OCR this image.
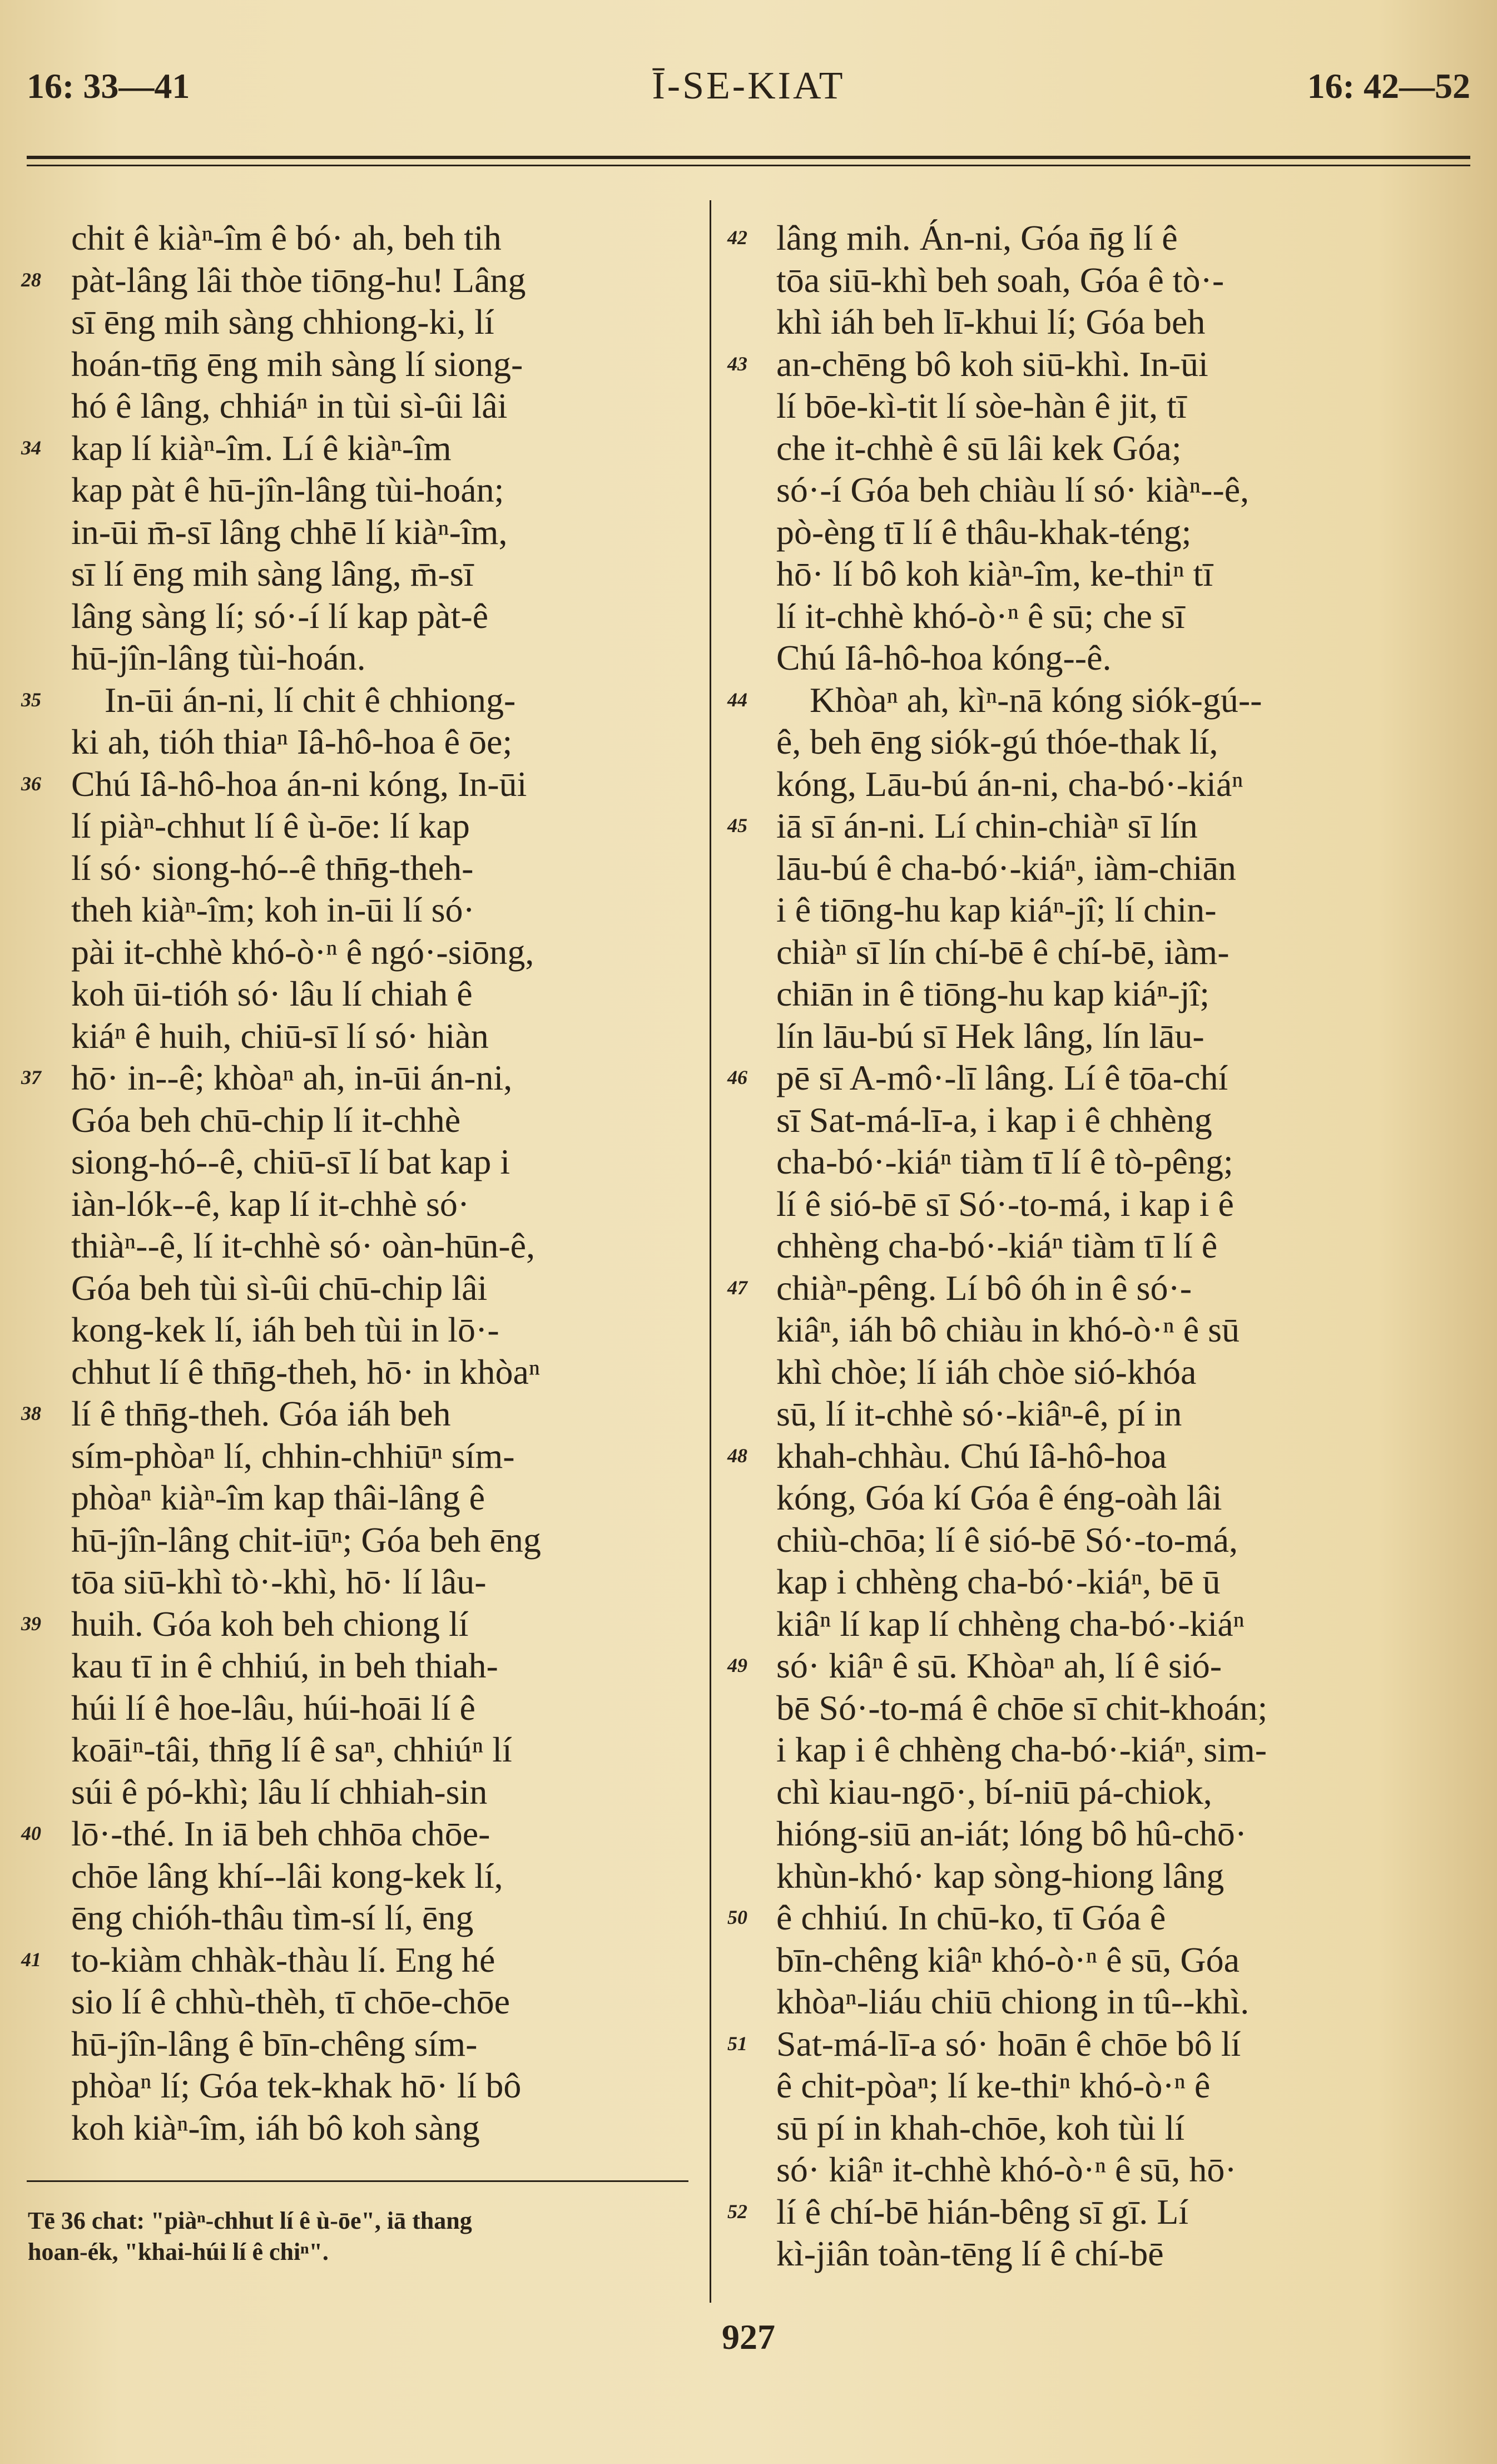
16: 33—41	Ī-SE-KIAT	16: 42—52
chit ê kiàⁿ-îm ê bó· ah, beh tih
28 pàt-lâng lâi thòe tiōng-hu! Lâng
sī ēng mih sàng chhiong-ki, lí
hoán-tn̄g ēng mih sàng lí siong-
hó ê lâng, chhiáⁿ in tùi sì-ûi lâi
34 kap lí kiàⁿ-îm. Lí ê kiàⁿ-îm
kap pàt ê hū-jîn-lâng tùi-hoán;
in-ūi m̄-sī lâng chhē lí kiàⁿ-îm,
sī lí ēng mih sàng lâng, m̄-sī
lâng sàng lí; só·-í lí kap pàt-ê
hū-jîn-lâng tùi-hoán.
35 In-ūi án-ni, lí chit ê chhiong-
ki ah, tióh thiaⁿ Iâ-hô-hoa ê ōe;
36 Chú Iâ-hô-hoa án-ni kóng, In-ūi
lí piàⁿ-chhut lí ê ù-ōe: lí kap
lí só· siong-hó--ê thn̄g-theh-
theh kiàⁿ-îm; koh in-ūi lí só·
pài it-chhè khó-ò·ⁿ ê ngó·-siōng,
koh ūi-tióh só· lâu lí chiah ê
kiáⁿ ê huih, chiū-sī lí só· hiàn
37 hō· in--ê; khòaⁿ ah, in-ūi án-ni,
Góa beh chū-chip lí it-chhè
siong-hó--ê, chiū-sī lí bat kap i
iàn-lók--ê, kap lí it-chhè só·
thiàⁿ--ê, lí it-chhè só· oàn-hūn-ê,
Góa beh tùi sì-ûi chū-chip lâi
kong-kek lí, iáh beh tùi in lō·-
chhut lí ê thn̄g-theh, hō· in khòaⁿ
38 lí ê thn̄g-theh. Góa iáh beh
sím-phòaⁿ lí, chhin-chhiūⁿ sím-
phòaⁿ kiàⁿ-îm kap thâi-lâng ê
hū-jîn-lâng chit-iūⁿ; Góa beh ēng
tōa siū-khì tò·-khì, hō· lí lâu-
39 huih. Góa koh beh chiong lí
kau tī in ê chhiú, in beh thiah-
húi lí ê hoe-lâu, húi-hoāi lí ê
koāiⁿ-tâi, thn̄g lí ê saⁿ, chhiúⁿ lí
súi ê pó-khì; lâu lí chhiah-sin
40 lō·-thé. In iā beh chhōa chōe-
chōe lâng khí--lâi kong-kek lí,
ēng chióh-thâu tìm-sí lí, ēng
41 to-kiàm chhàk-thàu lí. Eng hé
sio lí ê chhù-thèh, tī chōe-chōe
hū-jîn-lâng ê bīn-chêng sím-
phòaⁿ lí; Góa tek-khak hō· lí bô
koh kiàⁿ-îm, iáh bô koh sàng
42 lâng mih. Án-ni, Góa n̄g lí ê
tōa siū-khì beh soah, Góa ê tò·-
khì iáh beh lī-khui lí; Góa beh
43 an-chēng bô koh siū-khì. In-ūi
lí bōe-kì-tit lí sòe-hàn ê jit, tī
che it-chhè ê sū lâi kek Góa;
só·-í Góa beh chiàu lí só· kiàⁿ--ê,
pò-èng tī lí ê thâu-khak-téng;
hō· lí bô koh kiàⁿ-îm, ke-thiⁿ tī
lí it-chhè khó-ò·ⁿ ê sū; che sī
Chú Iâ-hô-hoa kóng--ê.
44 Khòaⁿ ah, kìⁿ-nā kóng siók-gú--
ê, beh ēng siók-gú thóe-thak lí,
kóng, Lāu-bú án-ni, cha-bó·-kiáⁿ
45 iā sī án-ni. Lí chin-chiàⁿ sī lín
lāu-bú ê cha-bó·-kiáⁿ, iàm-chiān
i ê tiōng-hu kap kiáⁿ-jî; lí chin-
chiàⁿ sī lín chí-bē ê chí-bē, iàm-
chiān in ê tiōng-hu kap kiáⁿ-jî;
lín lāu-bú sī Hek lâng, lín lāu-
46 pē sī A-mô·-lī lâng. Lí ê tōa-chí
sī Sat-má-lī-a, i kap i ê chhèng
cha-bó·-kiáⁿ tiàm tī lí ê tò-pêng;
lí ê sió-bē sī Só·-to-má, i kap i ê
chhèng cha-bó·-kiáⁿ tiàm tī lí ê
47 chiàⁿ-pêng. Lí bô óh in ê só·-
kiâⁿ, iáh bô chiàu in khó-ò·ⁿ ê sū
khì chòe; lí iáh chòe sió-khóa
sū, lí it-chhè só·-kiâⁿ-ê, pí in
48 khah-chhàu. Chú Iâ-hô-hoa
kóng, Góa kí Góa ê éng-oàh lâi
chiù-chōa; lí ê sió-bē Só·-to-má,
kap i chhèng cha-bó·-kiáⁿ, bē ū
kiâⁿ lí kap lí chhèng cha-bó·-kiáⁿ
49 só· kiâⁿ ê sū. Khòaⁿ ah, lí ê sió-
bē Só·-to-má ê chōe sī chit-khoán;
i kap i ê chhèng cha-bó·-kiáⁿ, sim-
chì kiau-ngō·, bí-niū pá-chiok,
hióng-siū an-iát; lóng bô hû-chō·
khùn-khó· kap sòng-hiong lâng
50 ê chhiú. In chū-ko, tī Góa ê
bīn-chêng kiâⁿ khó-ò·ⁿ ê sū, Góa
khòaⁿ-liáu chiū chiong in tû--khì.
51 Sat-má-lī-a só· hoān ê chōe bô lí
ê chit-pòaⁿ; lí ke-thiⁿ khó-ò·ⁿ ê
sū pí in khah-chōe, koh tùi lí
só· kiâⁿ it-chhè khó-ò·ⁿ ê sū, hō·
52 lí ê chí-bē hián-bêng sī gī. Lí
kì-jiân toàn-tēng lí ê chí-bē
Tē 36 chat: "piàⁿ-chhut lí ê ù-ōe", iā thang
hoan-ék, "khai-húi lí ê chiⁿ".
927
